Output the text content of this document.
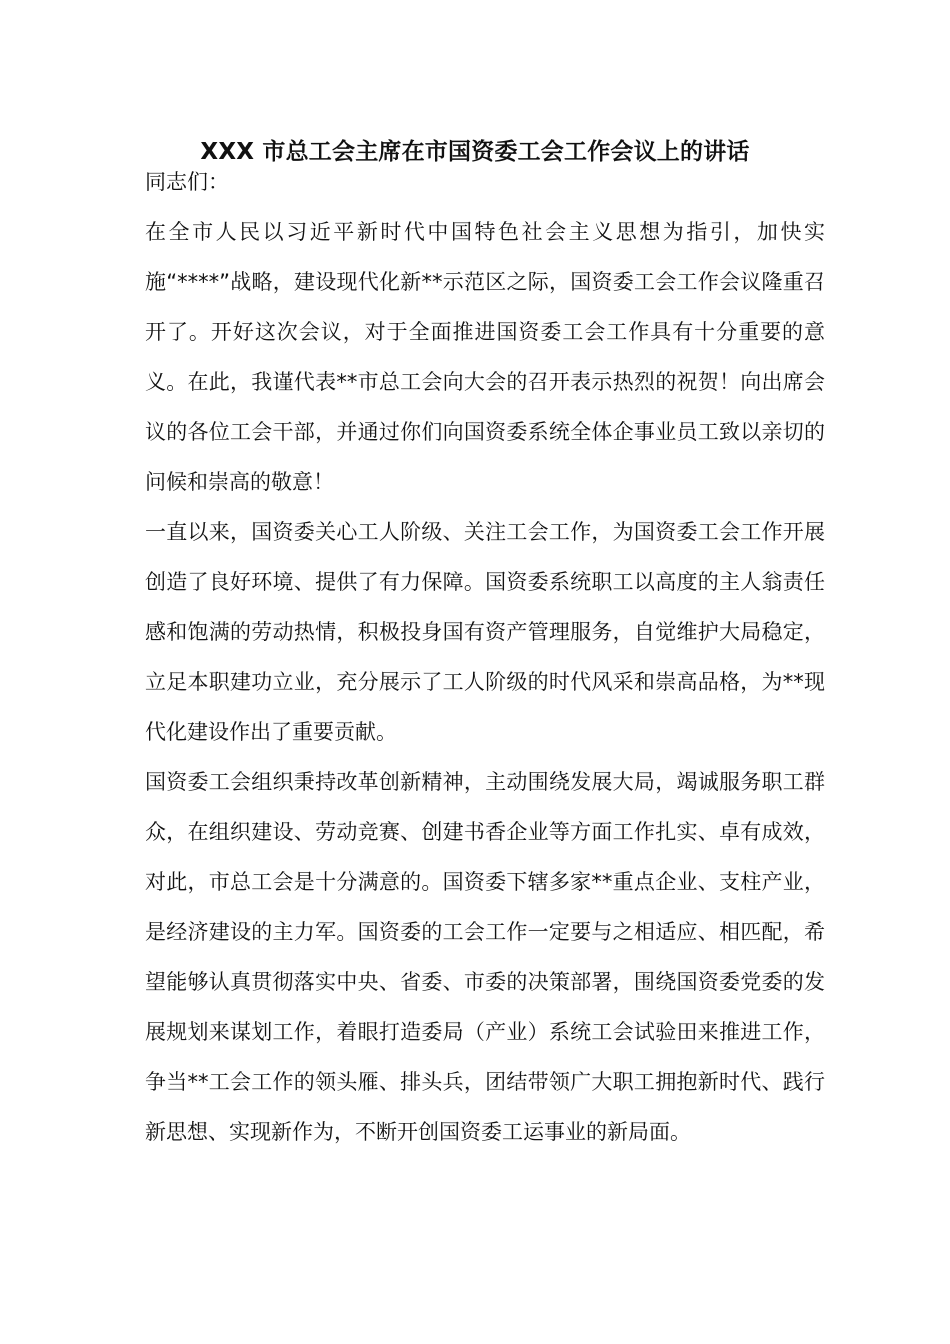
XXX 市总工会主席在市国资委工会工作会议上的讲话

同志们：

在全市人民以习近平新时代中国特色社会主义思想为指引，加快实施“****”战略，建设现代化新**示范区之际，国资委工会工作会议隆重召开了。开好这次会议，对于全面推进国资委工会工作具有十分重要的意义。在此，我谨代表**市总工会向大会的召开表示热烈的祝贺！向出席会议的各位工会干部，并通过你们向国资委系统全体企事业员工致以亲切的问候和崇高的敬意！

一直以来，国资委关心工人阶级、关注工会工作，为国资委工会工作开展创造了良好环境、提供了有力保障。国资委系统职工以高度的主人翁责任感和饱满的劳动热情，积极投身国有资产管理服务，自觉维护大局稳定，立足本职建功立业，充分展示了工人阶级的时代风采和崇高品格，为**现代化建设作出了重要贡献。

国资委工会组织秉持改革创新精神，主动围绕发展大局，竭诚服务职工群众，在组织建设、劳动竞赛、创建书香企业等方面工作扎实、卓有成效，对此，市总工会是十分满意的。国资委下辖多家**重点企业、支柱产业，是经济建设的主力军。国资委的工会工作一定要与之相适应、相匹配，希望能够认真贯彻落实中央、省委、市委的决策部署，围绕国资委党委的发展规划来谋划工作，着眼打造委局（产业）系统工会试验田来推进工作，争当**工会工作的领头雁、排头兵，团结带领广大职工拥抱新时代、践行新思想、实现新作为，不断开创国资委工运事业的新局面。
